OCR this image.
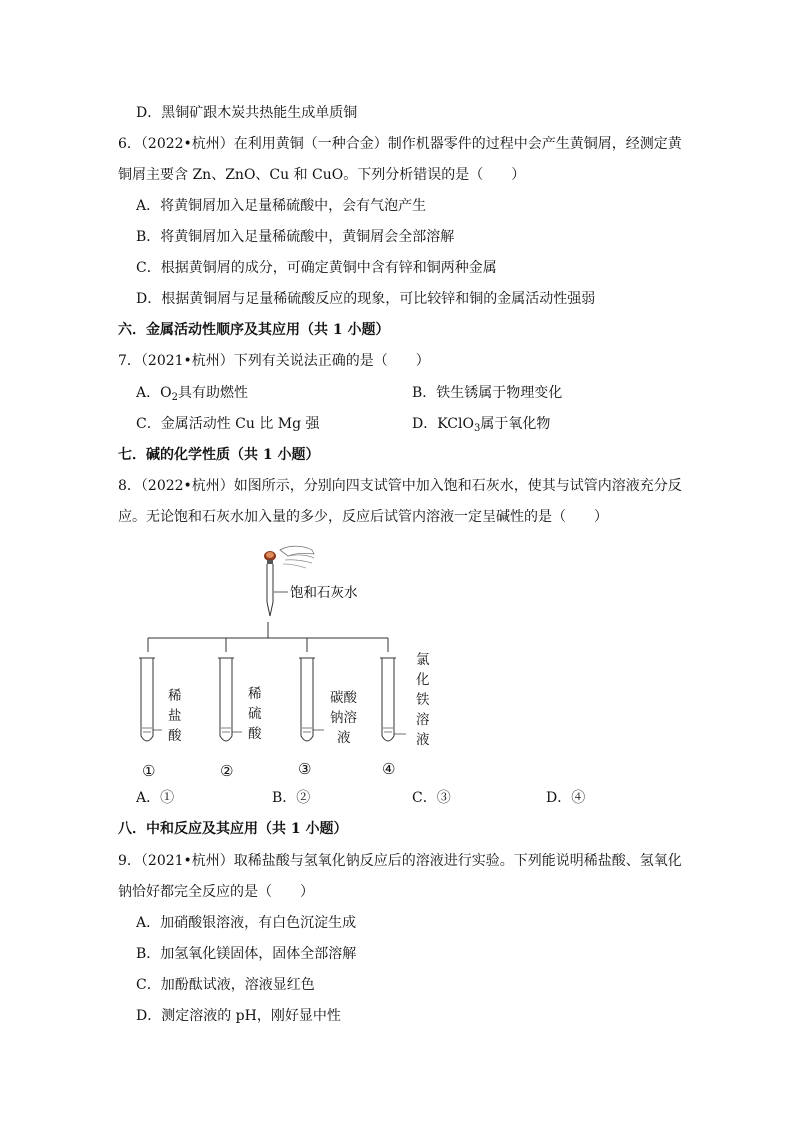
D．黑铜矿跟木炭共热能生成单质铜
6．（2022•杭州）在利用黄铜（一种合金）制作机器零件的过程中会产生黄铜屑，经测定黄
铜屑主要含 Zn、ZnO、Cu 和 CuO。下列分析错误的是（　　）
A．将黄铜屑加入足量稀硫酸中，会有气泡产生
B．将黄铜屑加入足量稀硫酸中，黄铜屑会全部溶解
C．根据黄铜屑的成分，可确定黄铜中含有锌和铜两种金属
D．根据黄铜屑与足量稀硫酸反应的现象，可比较锌和铜的金属活动性强弱
六．金属活动性顺序及其应用（共 1 小题）
7．（2021•杭州）下列有关说法正确的是（　　）
A．$O_2$具有助燃性	B．铁生锈属于物理变化
C．金属活动性 Cu 比 Mg 强	D．KClO$_3$属于氧化物
七．碱的化学性质（共 1 小题）
8．（2022•杭州）如图所示，分别向四支试管中加入饱和石灰水，使其与试管内溶液充分反
应。无论饱和石灰水加入量的多少，反应后试管内溶液一定呈碱性的是（　　）
饱和石灰水
稀
盐
酸
稀
硫
酸
碳酸
钠溶
液
氯
化
铁
溶
液
①	②	③	④
A．①	B．②	C．③	D．④
八．中和反应及其应用（共 1 小题）
9．（2021•杭州）取稀盐酸与氢氧化钠反应后的溶液进行实验。下列能说明稀盐酸、氢氧化
钠恰好都完全反应的是（　　）
A．加硝酸银溶液，有白色沉淀生成
B．加氢氧化镁固体，固体全部溶解
C．加酚酞试液，溶液显红色
D．测定溶液的 pH，刚好显中性
